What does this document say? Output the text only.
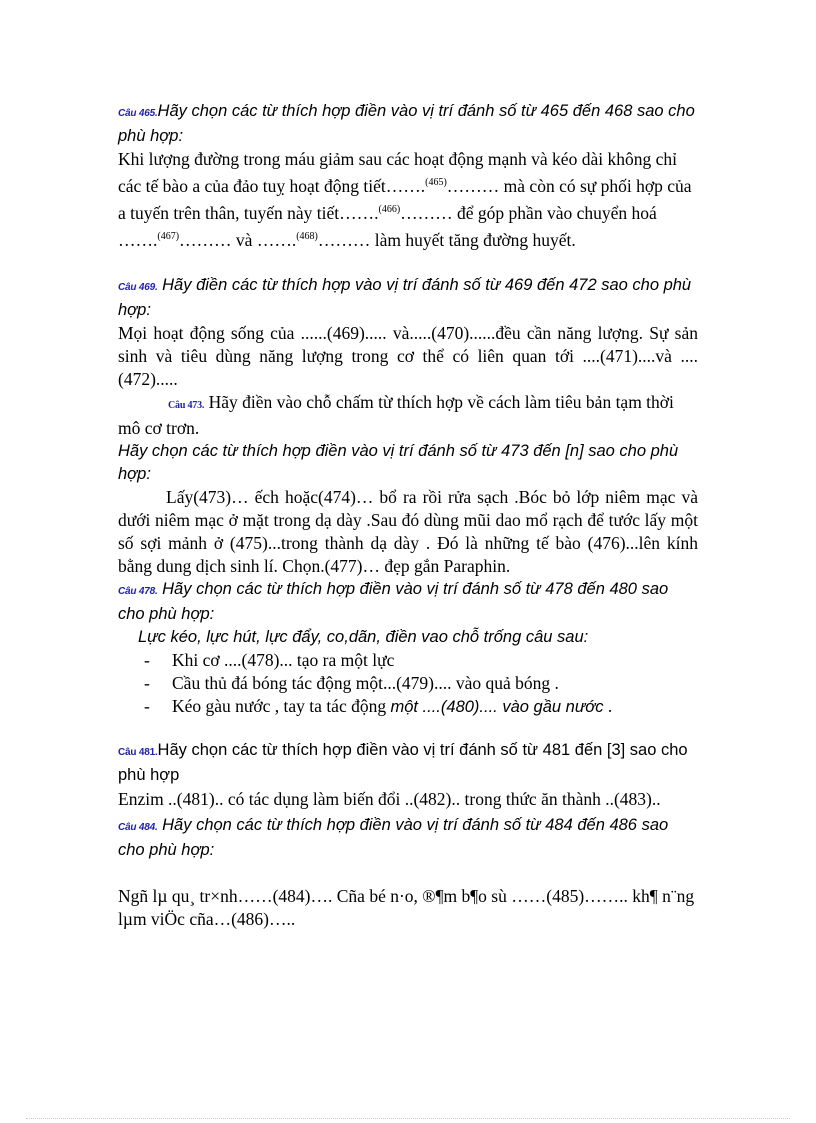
Câu 465.Hãy chọn các từ thích hợp điền vào vị trí đánh số từ 465 đến 468 sao cho phù hợp:

Khi lượng đường trong máu giảm sau các hoạt động mạnh và kéo dài không chỉ các tế bào a của đảo tuỵ hoạt động tiết…….$^{(465)}$……… mà còn có sự phối hợp của a tuyến trên thân, tuyến này tiết…….$^{(466)}$……… để góp phần vào chuyển hoá …….$^{(467)}$……… và …….$^{(468)}$……… làm huyết tăng đường huyết.

Câu 469. Hãy điền các từ thích hợp vào vị trí đánh số từ 469 đến 472 sao cho phù hợp:

Mọi hoạt động sống của ......(469)..... và.....(470)......đều cần năng lượng. Sự sản sinh và tiêu dùng năng lượng trong cơ thể có liên quan tới ....(471)....và ....(472).....

Câu 473. Hãy điền vào chỗ chấm từ thích hợp về cách làm tiêu bản tạm thời mô cơ trơn.

Hãy chọn các từ thích hợp điền vào vị trí đánh số từ 473 đến [n] sao cho phù hợp:

Lấy(473)… ếch hoặc(474)… bổ ra rồi rửa sạch .Bóc bỏ lớp niêm mạc và dưới niêm mạc ở mặt trong dạ dày .Sau đó dùng mũi dao mổ rạch để tước lấy một số sợi mảnh ở (475)...trong thành dạ dày . Đó là những tế bào (476)...lên kính bằng dung dịch sinh lí. Chọn.(477)… đẹp gắn Paraphin.

Câu 478. Hãy chọn các từ thích hợp điền vào vị trí đánh số từ 478 đến 480 sao cho phù hợp:

Lực kéo, lực hút, lực đẩy, co,dãn, điền vao chỗ trống câu sau:

- Khi cơ ....(478)... tạo ra một lực
- Cầu thủ đá bóng tác động một...(479).... vào quả bóng .
- Kéo gàu nước , tay ta tác động một ....(480).... vào gầu nước .

Câu 481.Hãy chọn các từ thích hợp điền vào vị trí đánh số từ 481 đến [3] sao cho phù hợp

Enzim ..(481).. có tác dụng làm biến đổi ..(482).. trong thức ăn thành ..(483)..

Câu 484. Hãy chọn các từ thích hợp điền vào vị trí đánh số từ 484 đến 486 sao cho phù hợp:

Ngñ lµ qu¸ tr×nh……(484)…. Cña bé n·o, ®¶m b¶o sù ……(485)…….. kh¶ n¨ng lµm viÖc cña…(486)…..
